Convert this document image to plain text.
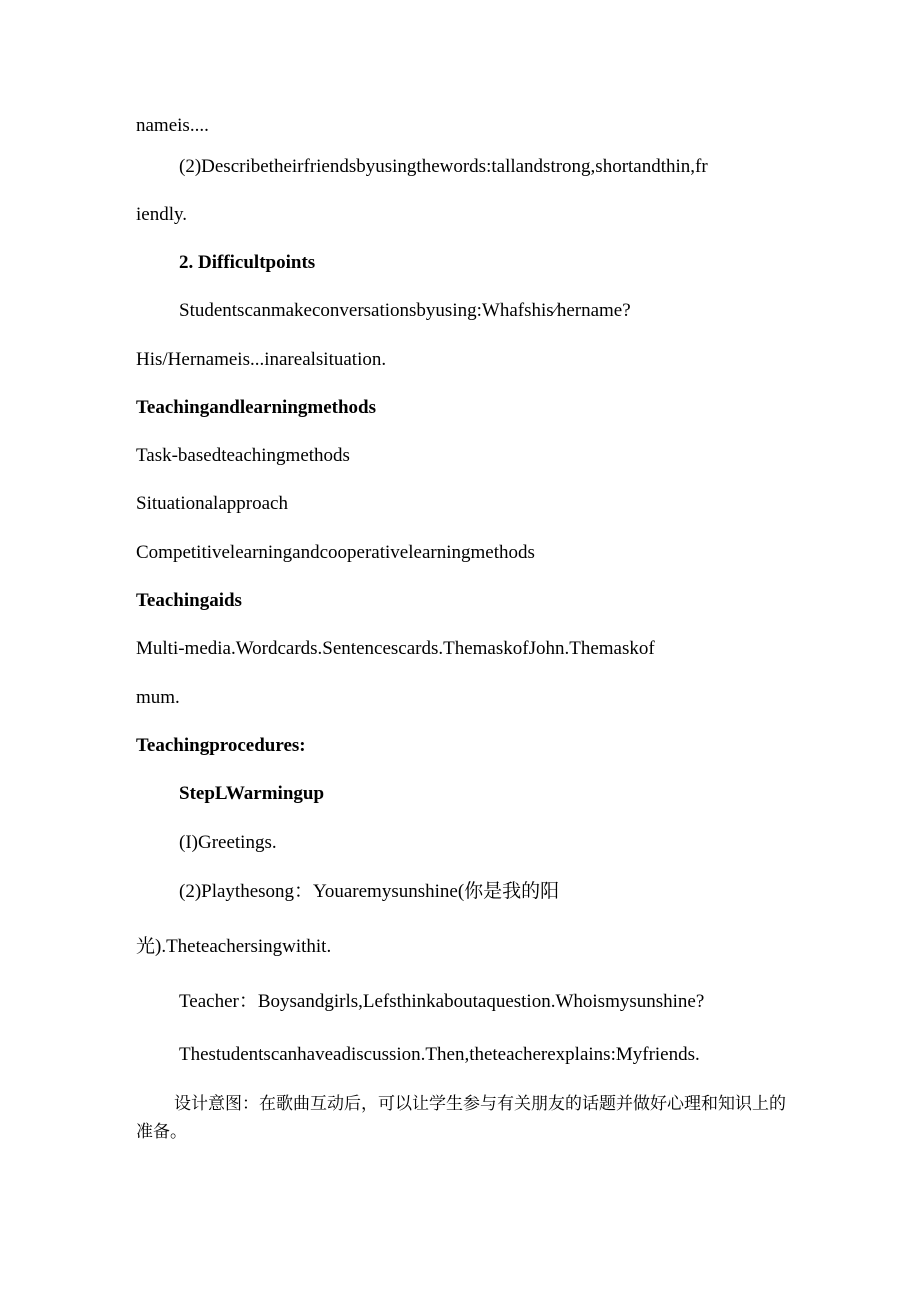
nameis....
(2)Describetheirfriendsbyusingthewords:tallandstrong,shortandthin,fr
iendly.
2. Difficultpoints
Studentscanmakeconversationsbyusing:Whafshis⁄hername?
His/Hernameis...inarealsituation.
Teachingandlearningmethods
Task-basedteachingmethods
Situationalapproach
Competitivelearningandcooperativelearningmethods
Teachingaids
Multi-media.Wordcards.Sentencescards.ThemaskofJohn.Themaskof
mum.
Teachingprocedures:
StepLWarmingup
(I)Greetings.
(2)Playthesong：Youaremysunshine(你是我的阳
光).Theteachersingwithit.
Teacher：Boysandgirls,Lefsthinkaboutaquestion.Whoismysunshine?
Thestudentscanhaveadiscussion.Then,theteacherexplains:Myfriends.
设计意图：在歌曲互动后，可以让学生参与有关朋友的话题并做好心理和知识上的准备。
